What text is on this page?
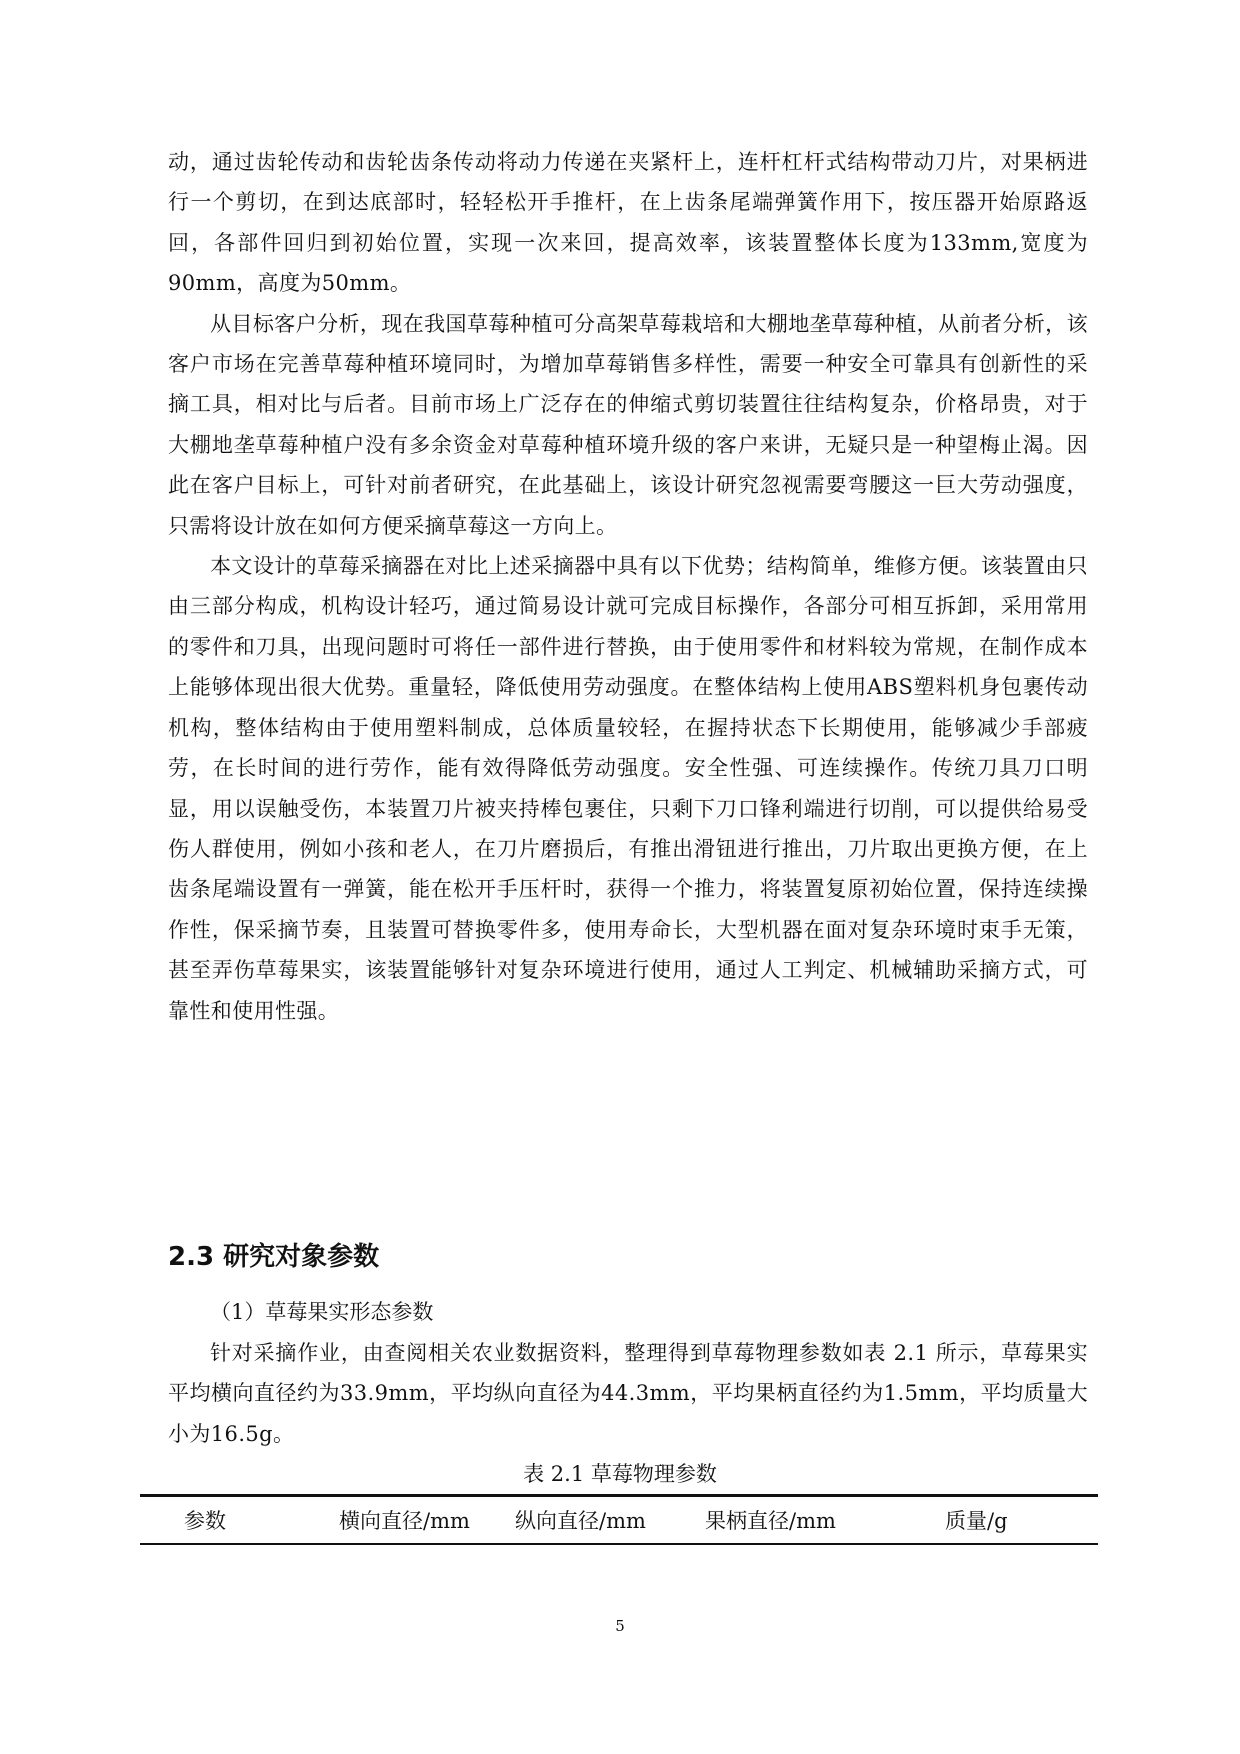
动，通过齿轮传动和齿轮齿条传动将动力传递在夹紧杆上，连杆杠杆式结构带动刀片，对果柄进行一个剪切，在到达底部时，轻轻松开手推杆，在上齿条尾端弹簧作用下，按压器开始原路返回，各部件回归到初始位置，实现一次来回，提高效率，该装置整体长度为133mm,宽度为90mm，高度为50mm。

从目标客户分析，现在我国草莓种植可分高架草莓栽培和大棚地垄草莓种植，从前者分析，该客户市场在完善草莓种植环境同时，为增加草莓销售多样性，需要一种安全可靠具有创新性的采摘工具，相对比与后者。目前市场上广泛存在的伸缩式剪切装置往往结构复杂，价格昂贵，对于大棚地垄草莓种植户没有多余资金对草莓种植环境升级的客户来讲，无疑只是一种望梅止渴。因此在客户目标上，可针对前者研究，在此基础上，该设计研究忽视需要弯腰这一巨大劳动强度，只需将设计放在如何方便采摘草莓这一方向上。

本文设计的草莓采摘器在对比上述采摘器中具有以下优势；结构简单，维修方便。该装置由只由三部分构成，机构设计轻巧，通过简易设计就可完成目标操作，各部分可相互拆卸，采用常用的零件和刀具，出现问题时可将任一部件进行替换，由于使用零件和材料较为常规，在制作成本上能够体现出很大优势。重量轻，降低使用劳动强度。在整体结构上使用ABS塑料机身包裹传动机构，整体结构由于使用塑料制成，总体质量较轻，在握持状态下长期使用，能够减少手部疲劳，在长时间的进行劳作，能有效得降低劳动强度。安全性强、可连续操作。传统刀具刀口明显，用以误触受伤，本装置刀片被夹持棒包裹住，只剩下刀口锋利端进行切削，可以提供给易受伤人群使用，例如小孩和老人，在刀片磨损后，有推出滑钮进行推出，刀片取出更换方便，在上齿条尾端设置有一弹簧，能在松开手压杆时，获得一个推力，将装置复原初始位置，保持连续操作性，保采摘节奏，且装置可替换零件多，使用寿命长，大型机器在面对复杂环境时束手无策，甚至弄伤草莓果实，该装置能够针对复杂环境进行使用，通过人工判定、机械辅助采摘方式，可靠性和使用性强。

2.3 研究对象参数

（1）草莓果实形态参数

针对采摘作业，由查阅相关农业数据资料，整理得到草莓物理参数如表 2.1 所示，草莓果实平均横向直径约为33.9mm，平均纵向直径为44.3mm，平均果柄直径约为1.5mm，平均质量大小为16.5g。

表 2.1 草莓物理参数

参数	横向直径/mm	纵向直径/mm	果柄直径/mm	质量/g

5
